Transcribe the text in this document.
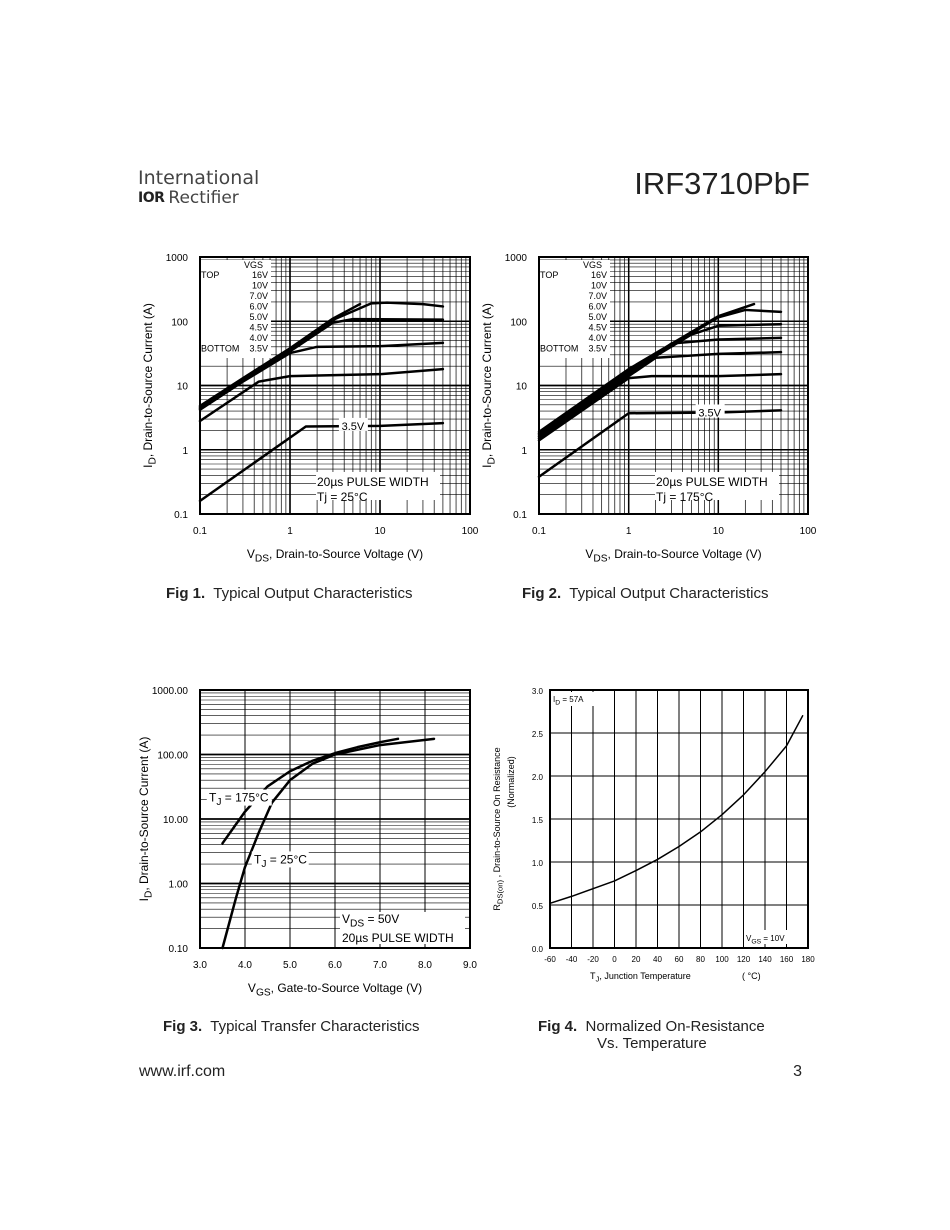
International
IOR Rectifier	IRF3710PbF
0.1	1	10	100
0.1
1
10
100
1000
VGS
TOP	16V
10V
7.0V
6.0V
5.0V
4.5V
4.0V
3.5V
BOTTOM
3.5V
20µs PULSE WIDTH
Tj = 25°C
$V_{DS}$, Drain-to-Source Voltage (V)
$I_D$, Drain-to-Source Current (A)
0.1	1	10	100
0.1
1
10
100
1000
VGS
TOP	16V
10V
7.0V
6.0V
5.0V
4.5V
4.0V
3.5V
BOTTOM
3.5V
20µs PULSE WIDTH
Tj = 175°C
$V_{DS}$, Drain-to-Source Voltage (V)
$I_D$, Drain-to-Source Current (A)
3.0	4.0	5.0	6.0	7.0	8.0	9.0
0.10
1.00
10.00
100.00
1000.00
$T_J = 175^\circ C$
$T_J = 25^\circ C$
$V_{DS} = 50V$
20µs PULSE WIDTH
$V_{GS}$, Gate-to-Source Voltage (V)
$I_D$, Drain-to-Source Current (A)
-60 -40 -20 0 20 40 60 80 100 120 140 160 180
0.0
0.5
1.0
1.5
2.0
2.5
3.0
$I_D = 57A$
$V_{GS} = 10V$
TJ, Junction Temperature	( °C)
RDS(on) , Drain-to-Source On Resistance (Normalized)
Fig 1. Typical Output Characteristics	Fig 2. Typical Output Characteristics
Fig 3. Typical Transfer Characteristics	Fig 4. Normalized On-Resistance
Vs. Temperature
www.irf.com	3
